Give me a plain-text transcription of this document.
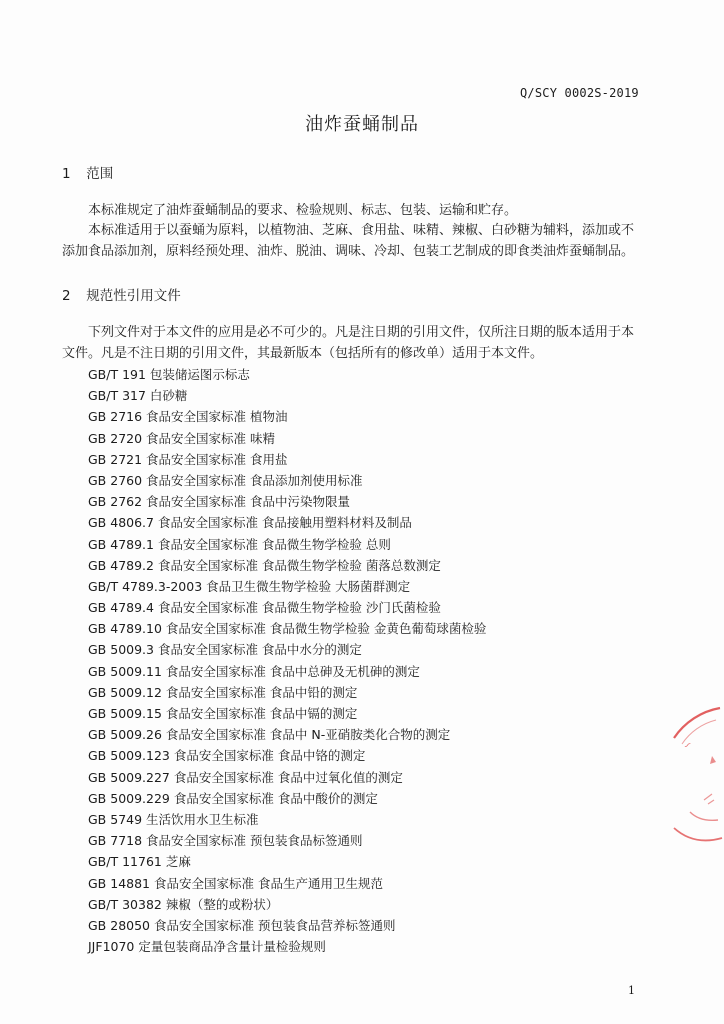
Q/SCY 0002S-2019
油炸蚕蛹制品
1 范围
本标准规定了油炸蚕蛹制品的要求、检验规则、标志、包装、运输和贮存。
本标准适用于以蚕蛹为原料，以植物油、芝麻、食用盐、味精、辣椒、白砂糖为辅料，添加或不添加食品添加剂，原料经预处理、油炸、脱油、调味、冷却、包装工艺制成的即食类油炸蚕蛹制品。
2 规范性引用文件
下列文件对于本文件的应用是必不可少的。凡是注日期的引用文件，仅所注日期的版本适用于本文件。凡是不注日期的引用文件，其最新版本（包括所有的修改单）适用于本文件。
GB/T 191 包装储运图示标志
GB/T 317 白砂糖
GB 2716 食品安全国家标准 植物油
GB 2720 食品安全国家标准 味精
GB 2721 食品安全国家标准 食用盐
GB 2760 食品安全国家标准 食品添加剂使用标准
GB 2762 食品安全国家标准 食品中污染物限量
GB 4806.7 食品安全国家标准 食品接触用塑料材料及制品
GB 4789.1 食品安全国家标准 食品微生物学检验 总则
GB 4789.2 食品安全国家标准 食品微生物学检验 菌落总数测定
GB/T 4789.3-2003 食品卫生微生物学检验 大肠菌群测定
GB 4789.4 食品安全国家标准 食品微生物学检验 沙门氏菌检验
GB 4789.10 食品安全国家标准 食品微生物学检验 金黄色葡萄球菌检验
GB 5009.3 食品安全国家标准 食品中水分的测定
GB 5009.11 食品安全国家标准 食品中总砷及无机砷的测定
GB 5009.12 食品安全国家标准 食品中铅的测定
GB 5009.15 食品安全国家标准 食品中镉的测定
GB 5009.26 食品安全国家标准 食品中 N-亚硝胺类化合物的测定
GB 5009.123 食品安全国家标准 食品中铬的测定
GB 5009.227 食品安全国家标准 食品中过氧化值的测定
GB 5009.229 食品安全国家标准 食品中酸价的测定
GB 5749 生活饮用水卫生标准
GB 7718 食品安全国家标准 预包装食品标签通则
GB/T 11761 芝麻
GB 14881 食品安全国家标准 食品生产通用卫生规范
GB/T 30382 辣椒（整的或粉状）
GB 28050 食品安全国家标准 预包装食品营养标签通则
JJF1070 定量包装商品净含量计量检验规则
∽
1
